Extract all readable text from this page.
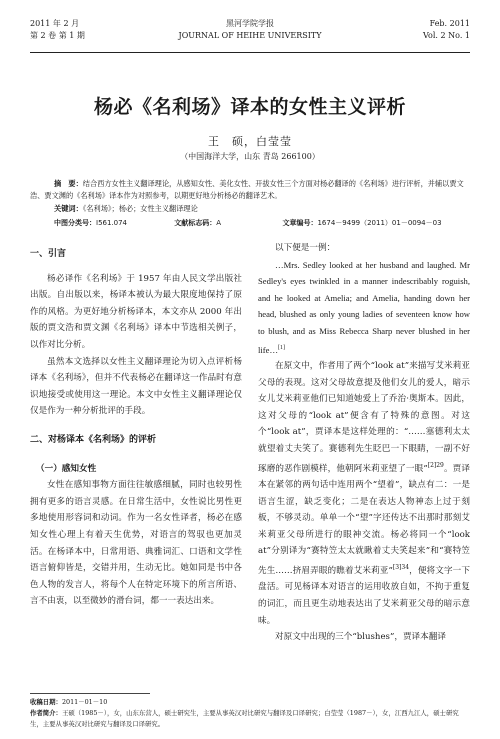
2011 年 2 月
第 2 卷 第 1 期
黑河学院学报
JOURNAL OF HEIHE UNIVERSITY
Feb. 2011
Vol. 2 No. 1
杨必《名利场》译本的女性主义评析
王　硕，白莹莹
（中国海洋大学，山东 青岛 266100）
摘　要：结合西方女性主义翻译理论，从感知女性、美化女性、开拔女性三个方面对杨必翻译的《名利场》进行评析，并辅以贾文浩、贾文渊的《名利场》译本作为对照参考，以期更好地分析杨必的翻译艺术。
关键词：《名利场》；杨必；女性主义翻译理论
中图分类号：I561.074	文献标志码：A	文章编号：1674－9499（2011）01－0094－03

一、引言

杨必译作《名利场》于 1957 年由人民文学出版社出版。自出版以来，杨译本被认为最大限度地保持了原作的风格。为更好地分析杨译本，本文亦从 2000 年出版的贾文浩和贾文渊《名利场》译本中节选相关例子，以作对比分析。

虽然本文选择以女性主义翻译理论为切入点评析杨译本《名利场》，但并不代表杨必在翻译这一作品时有意识地接受或使用这一理论。本文中女性主义翻译理论仅仅是作为一种分析批评的手段。

二、对杨译本《名利场》的评析

（一）感知女性

女性在感知事物方面往往敏感细腻，同时也较男性拥有更多的语言灵感。在日常生活中，女性说比男性更多地使用形容词和动词。作为一名女性译者，杨必在感知女性心理上有着天生优势，对语言的驾驭也更加灵活。在杨译本中，日常用语、典雅词汇、口语和文学性语言俯仰皆是，交错并用，生动无比。她如同是书中各色人物的发言人，将每个人在特定环境下的所言所语、言不由衷，以至微妙的滑台词，都一一表达出来。

以下便是一例：

…Mrs. Sedley looked at her husband and laughed. Mr Sedley's eyes twinkled in a manner indescribably roguish, and he looked at Amelia; and Amelia, handing down her head, blushed as only young ladies of seventeen know how to blush, and as Miss Rebecca Sharp never blushed in her life…[1]

在原文中，作者用了两个“look at”来描写艾米莉亚父母的表现。这对父母故意提及他们女儿的爱人，暗示女儿艾米莉亚他们已知道她爱上了乔治·奥斯本。因此，这对父母的“look at”便含有了特殊的意图。对这个“look at”，贾译本是这样处理的：“……塞德利太太就望着丈夫笑了。赛德利先生眨巴一下眼睛，一副不好琢磨的恶作剧模样，他朝阿米莉亚望了一眼”$^{[2]29}$。贾译本在紧邻的两句话中连用两个“望着”，缺点有二：一是语言生涩，缺乏变化；二是在表达人物神态上过于刻板，不够灵动。单单一个“望”字还传达不出那时那刻艾米莉亚父母所进行的眼神交流。杨必将同一个“look at”分别译为“赛特笠太太就瞅着丈夫笑起来”和“赛特笠先生……挤眉弄眼的瞧着艾米莉亚”$^{[3]34}$，便将文字一下盘活。可见杨译本对语言的运用收放自如，不拘于重复的词汇，而且更生动地表达出了艾米莉亚父母的暗示意味。

对原文中出现的三个“blushes”，贾译本翻译

收稿日期：2011－01－10
作者简介：王硕（1985－），女，山东东营人，硕士研究生，主要从事英汉对比研究与翻译及口译研究；白莹莹（1987－），女，江西九江人，硕士研究生，主要从事英汉对比研究与翻译及口译研究。
